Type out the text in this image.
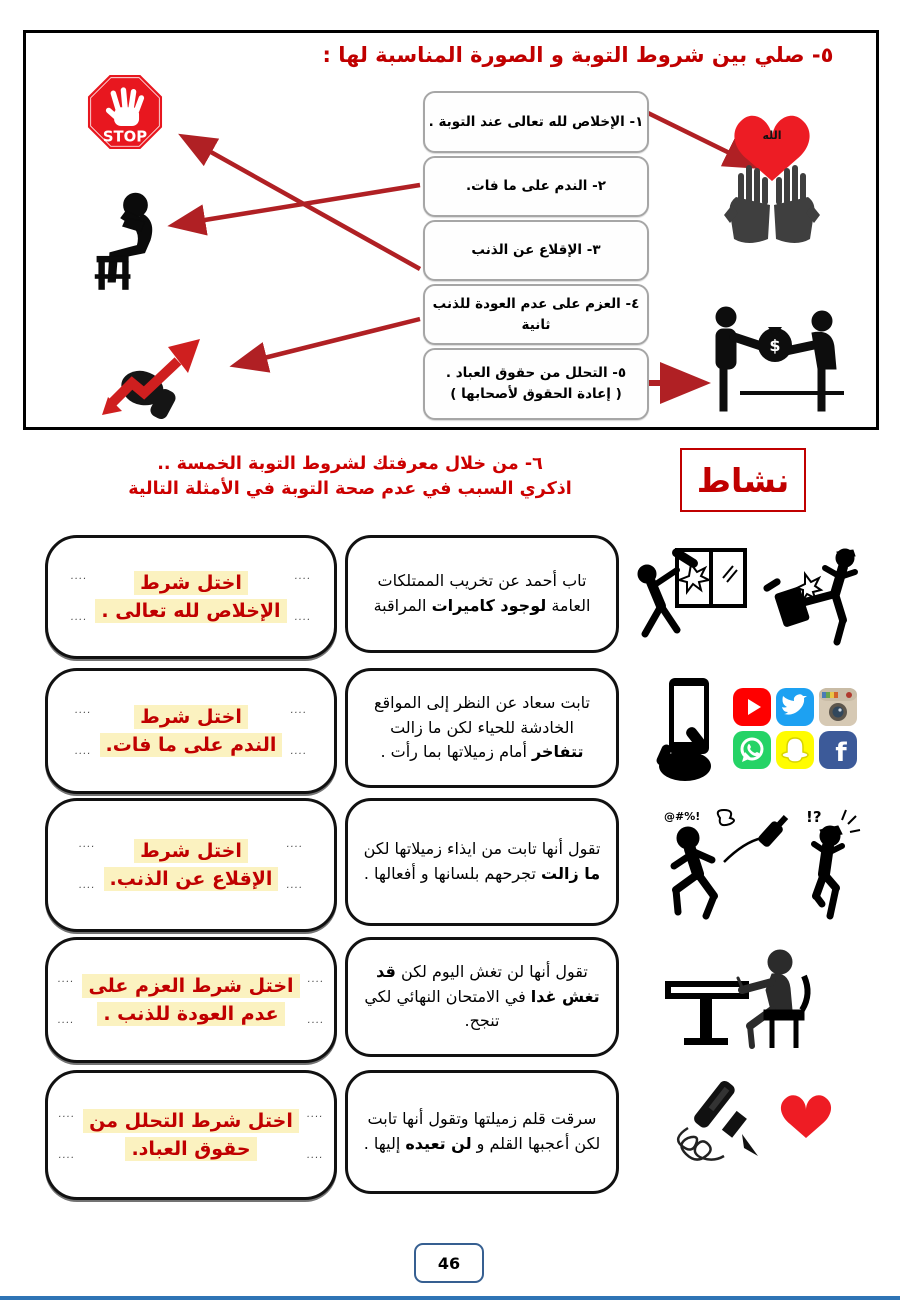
٥- صلي بين شروط التوبة و الصورة المناسبة لها :
١- الإخلاص لله تعالى عند التوبة .
٢- الندم على ما فات.
٣- الإقلاع عن الذنب
٤- العزم على عدم العودة للذنب ثانية
٥- التحلل من حقوق العباد .
( إعادة الحقوق لأصحابها )
STOP	الله
$
٦- من خلال معرفتك لشروط التوبة الخمسة ..
اذكري السبب في عدم صحة التوبة في الأمثلة التالية	نشاط
....
....
اختل شرط
الإخلاص لله تعالى .
....
....
تاب أحمد عن تخريب الممتلكات العامة لوجود كاميرات المراقبة
....
....
اختل شرط
الندم على ما فات.
....
....
تابت سعاد عن النظر إلى المواقع الخادشة للحياء لكن ما زالت تتفاخر أمام زميلاتها بما رأت .	f
....
....
اختل شرط
الإقلاع عن الذنب.
....
....
تقول أنها تابت من ايذاء زميلاتها لكن ما زالت تجرحهم بلسانها و أفعالها .
@#%!	!?
....
....
اختل شرط العزم على
عدم العودة للذنب .
....
....
تقول أنها لن تغش اليوم لكن قد تغش غدا في الامتحان النهائي لكي تنجح.
....
....
اختل شرط التحلل من
حقوق العباد.
....
....
سرقت قلم زميلتها وتقول أنها تابت لكن أعجبها القلم و لن تعيده إليها .
46
